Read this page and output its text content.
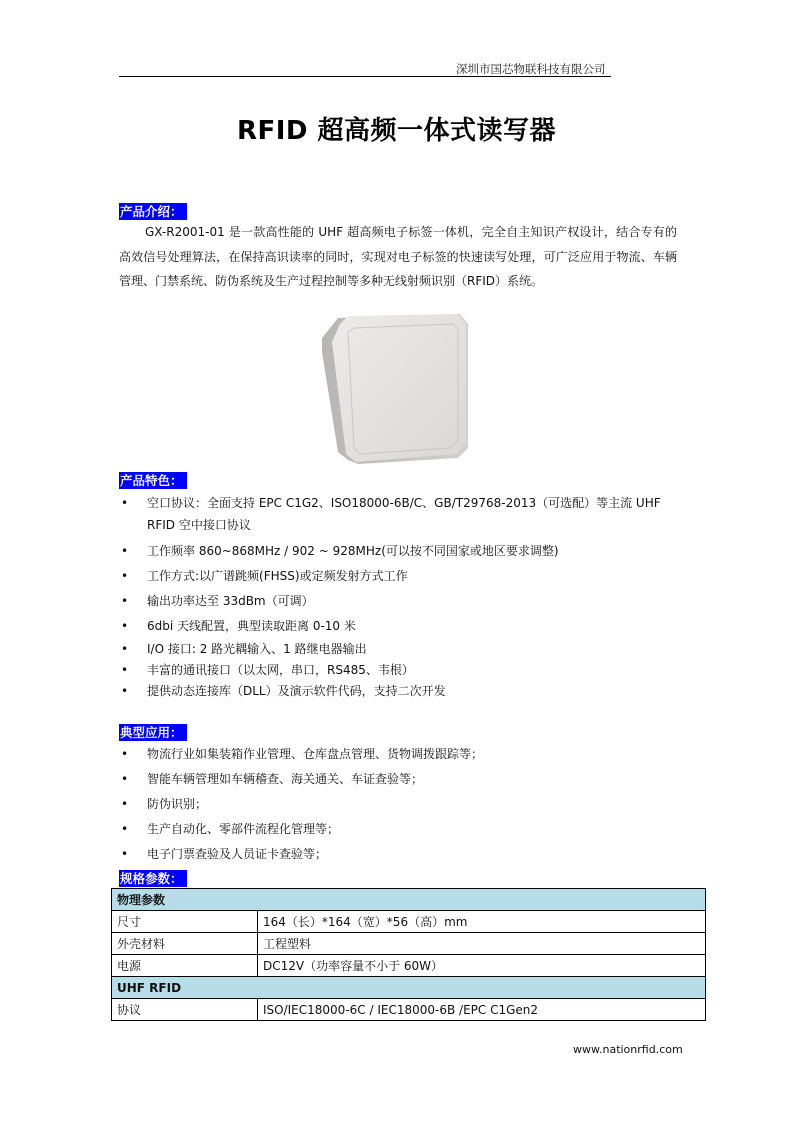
深圳市国芯物联科技有限公司
RFID 超高频一体式读写器
产品介绍：
GX-R2001-01 是一款高性能的 UHF 超高频电子标签一体机，完全自主知识产权设计，结合专有的高效信号处理算法，在保持高识读率的同时，实现对电子标签的快速读写处理，可广泛应用于物流、车辆管理、门禁系统、防伪系统及生产过程控制等多种无线射频识别（RFID）系统。
产品特色：
• 空口协议：全面支持 EPC C1G2、ISO18000-6B/C、GB/T29768-2013（可选配）等主流 UHF RFID 空中接口协议
• 工作频率 860~868MHz / 902 ~ 928MHz(可以按不同国家或地区要求调整)
• 工作方式:以广谱跳频(FHSS)或定频发射方式工作
• 输出功率达至 33dBm（可调）
• 6dbi 天线配置，典型读取距离 0-10 米
• I/O 接口: 2 路光耦输入、1 路继电器输出
• 丰富的通讯接口（以太网，串口，RS485、韦根）
• 提供动态连接库（DLL）及演示软件代码，支持二次开发
典型应用：
• 物流行业如集装箱作业管理、仓库盘点管理、货物调拨跟踪等；
• 智能车辆管理如车辆稽查、海关通关、车证查验等；
• 防伪识别；
• 生产自动化、零部件流程化管理等；
• 电子门票查验及人员证卡查验等；
规格参数：
物理参数	
尺寸	164（长）*164（宽）*56（高）mm
外壳材料	工程塑料
电源	DC12V（功率容量不小于 60W）
UHF RFID	
协议	ISO/IEC18000-6C / IEC18000-6B /EPC C1Gen2
www.nationrfid.com
